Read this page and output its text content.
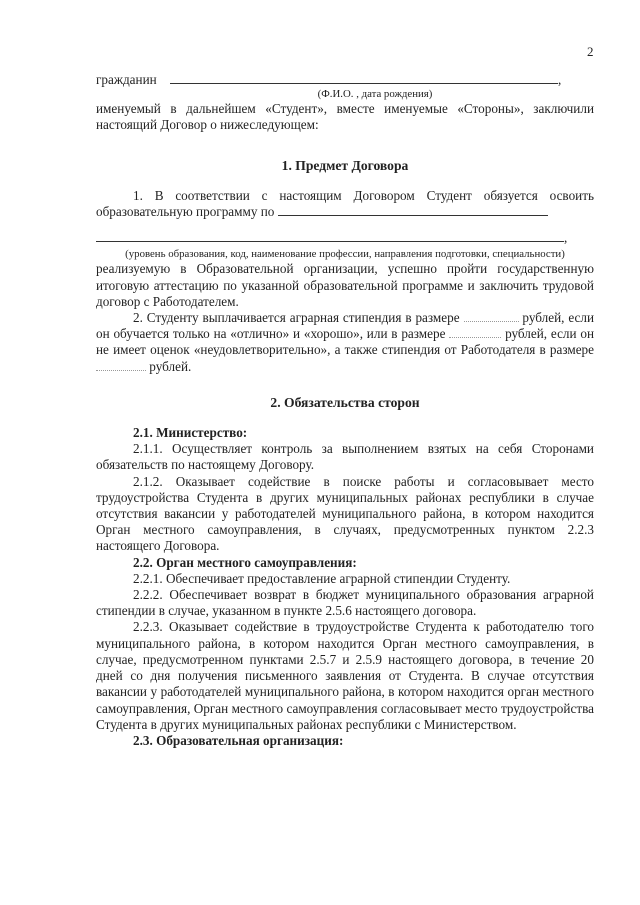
2
гражданин	,

(Ф.И.О. , дата рождения)

именуемый в дальнейшем «Студент», вместе именуемые «Стороны», заключили настоящий Договор о нижеследующем:

1. Предмет Договора

1. В соответствии с настоящим Договором Студент обязуется освоить образовательную программу по

,

(уровень образования, код, наименование профессии, направления подготовки, специальности)

реализуемую в Образовательной организации, успешно пройти государственную итоговую аттестацию по указанной образовательной программе и заключить трудовой договор с Работодателем.

2. Студенту выплачивается аграрная стипендия в размере	рублей, если он обучается только на «отлично» и «хорошо», или в размере	рублей, если он не имеет оценок «неудовлетворительно», а также стипендия от Работодателя в размере  рублей.

2. Обязательства сторон

2.1. Министерство:

2.1.1. Осуществляет контроль за выполнением взятых на себя Сторонами обязательств по настоящему Договору.

2.1.2. Оказывает содействие в поиске работы и согласовывает место трудоустройства Студента в других муниципальных районах республики в случае отсутствия вакансии у работодателей муниципального района, в котором находится Орган местного самоуправления, в случаях, предусмотренных пунктом 2.2.3 настоящего Договора.

2.2. Орган местного самоуправления:

2.2.1. Обеспечивает предоставление аграрной стипендии Студенту.

2.2.2. Обеспечивает возврат в бюджет муниципального образования аграрной стипендии в случае, указанном в пункте 2.5.6 настоящего договора.

2.2.3. Оказывает содействие в трудоустройстве Студента к работодателю того муниципального района, в котором находится Орган местного самоуправления, в случае, предусмотренном пунктами 2.5.7 и 2.5.9 настоящего договора, в течение 20 дней со дня получения письменного заявления от Студента. В случае отсутствия вакансии у работодателей муниципального района, в котором находится орган местного самоуправления, Орган местного самоуправления согласовывает место трудоустройства Студента в других муниципальных районах республики с Министерством.

2.3. Образовательная организация:
